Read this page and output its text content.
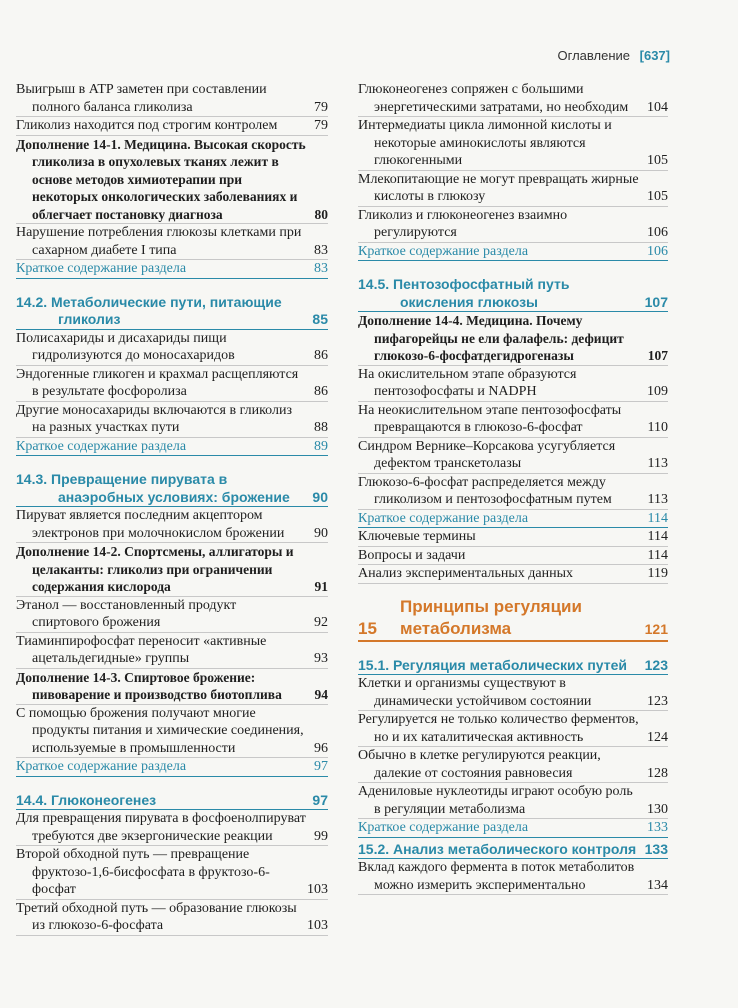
Оглавление [637]
Выигрыш в ATP заметен при составлении полного баланса гликолиза	79
Гликолиз находится под строгим контролем	79
Дополнение 14-1. Медицина. Высокая скорость гликолиза в опухолевых тканях лежит в основе методов химиотерапии при некоторых онкологических заболеваниях и облегчает постановку диагноза	80
Нарушение потребления глюкозы клетками при сахарном диабете I типа	83
Краткое содержание раздела	83
14.2. Метаболические пути, питающие гликолиз	85
Полисахариды и дисахариды пищи гидролизуются до моносахаридов	86
Эндогенные гликоген и крахмал расщепляются в результате фосфоролиза	86
Другие моносахариды включаются в гликолиз на разных участках пути	88
Краткое содержание раздела	89
14.3. Превращение пирувата в анаэробных условиях: брожение	90
Пируват является последним акцептором электронов при молочнокислом брожении	90
Дополнение 14-2. Спортсмены, аллигаторы и целаканты: гликолиз при ограничении содержания кислорода	91
Этанол — восстановленный продукт спиртового брожения	92
Тиаминпирофосфат переносит «активные ацетальдегидные» группы	93
Дополнение 14-3. Спиртовое брожение: пивоварение и производство биотоплива	94
С помощью брожения получают многие продукты питания и химические соединения, используемые в промышленности	96
Краткое содержание раздела	97
14.4. Глюконеогенез	97
Для превращения пирувата в фосфоенолпируват требуются две экзергонические реакции	99
Второй обходной путь — превращение фруктозо-1,6-бисфосфата в фруктозо-6-фосфат	103
Третий обходной путь — образование глюкозы из глюкозо-6-фосфата	103
Глюконеогенез сопряжен с большими энергетическими затратами, но необходим	104
Интермедиаты цикла лимонной кислоты и некоторые аминокислоты являются глюкогенными	105
Млекопитающие не могут превращать жирные кислоты в глюкозу	105
Гликолиз и глюконеогенез взаимно регулируются	106
Краткое содержание раздела	106
14.5. Пентозофосфатный путь окисления глюкозы	107
Дополнение 14-4. Медицина. Почему пифагорейцы не ели фалафель: дефицит глюкозо-6-фосфатдегидрогеназы	107
На окислительном этапе образуются пентозофосфаты и NADPH	109
На неокислительном этапе пентозофосфаты превращаются в глюкозо-6-фосфат	110
Синдром Вернике–Корсакова усугубляется дефектом транскетолазы	113
Глюкозо-6-фосфат распределяется между гликолизом и пентозофосфатным путем	113
Краткое содержание раздела	114
Ключевые термины	114
Вопросы и задачи	114
Анализ экспериментальных данных	119
15
Принципы регуляции метаболизма	121
15.1. Регуляция метаболических путей	123
Клетки и организмы существуют в динамически устойчивом состоянии	123
Регулируется не только количество ферментов, но и их каталитическая активность	124
Обычно в клетке регулируются реакции, далекие от состояния равновесия	128
Адениловые нуклеотиды играют особую роль в регуляции метаболизма	130
Краткое содержание раздела	133
15.2. Анализ метаболического контроля 133
Вклад каждого фермента в поток метаболитов можно измерить экспериментально	134
